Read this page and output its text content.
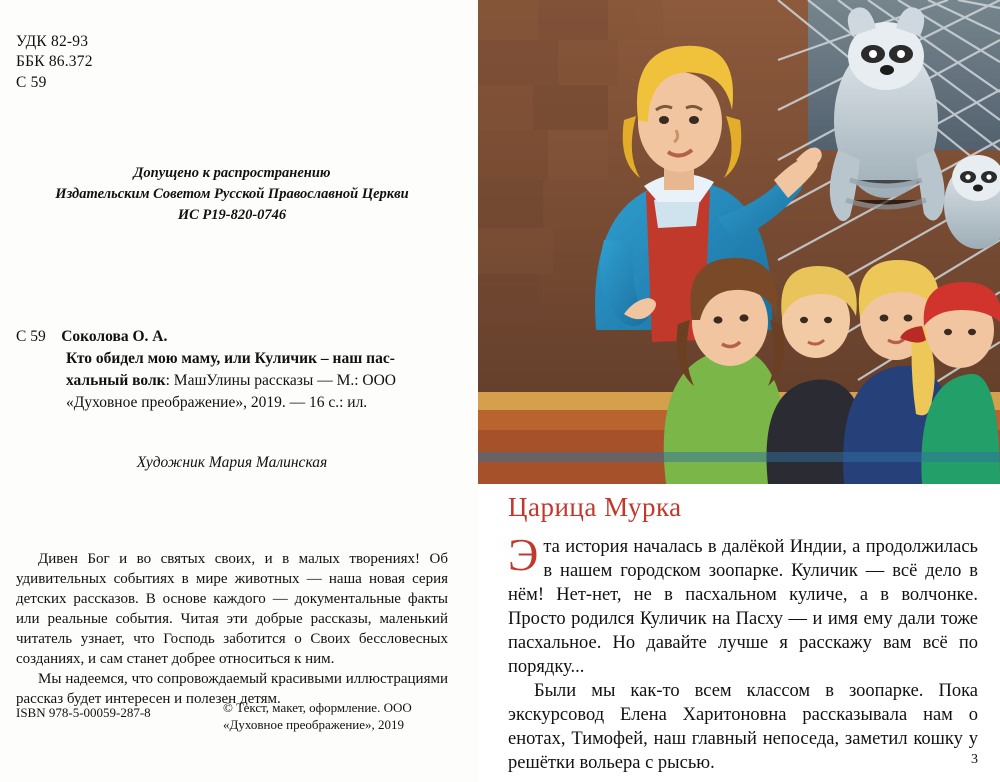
УДК 82-93
ББК 86.372
С 59
Допущено к распространению
Издательским Советом Русской Православной Церкви
ИС Р19-820-0746
С 59 Соколова О. А.
Кто обидел мою маму, или Куличик – наш пас-
хальный волк: МашУлины рассказы — М.: ООО
«Духовное преображение», 2019. — 16 с.: ил.
Художник Мария Малинская

Дивен Бог и во святых своих, и в малых творениях! Об удивительных событиях в мире животных — наша новая серия детских рассказов. В основе каждого — документальные факты или реальные события. Читая эти добрые рассказы, маленький читатель узнает, что Господь заботится о Своих бессловесных созданиях, и сам станет добрее относиться к ним.

Мы надеемся, что сопровождаемый красивыми иллюстрациями рассказ будет интересен и полезен детям.

ISBN 978-5-00059-287-8	© Текст, макет, оформление. ООО «Духовное преображение», 2019
Царица Мурка

Эта история началась в далёкой Индии, а продолжилась в нашем городском зоопарке. Куличик — всё дело в нём! Нет-нет, не в пасхальном куличе, а в волчонке. Просто родился Куличик на Пасху — и имя ему дали тоже пасхальное. Но давайте лучше я расскажу вам всё по порядку...

Были мы как-то всем классом в зоопарке. Пока экскурсовод Елена Харитоновна рассказывала нам о енотах, Тимофей, наш главный непоседа, заметил кошку у решётки вольера с рысью.	3
